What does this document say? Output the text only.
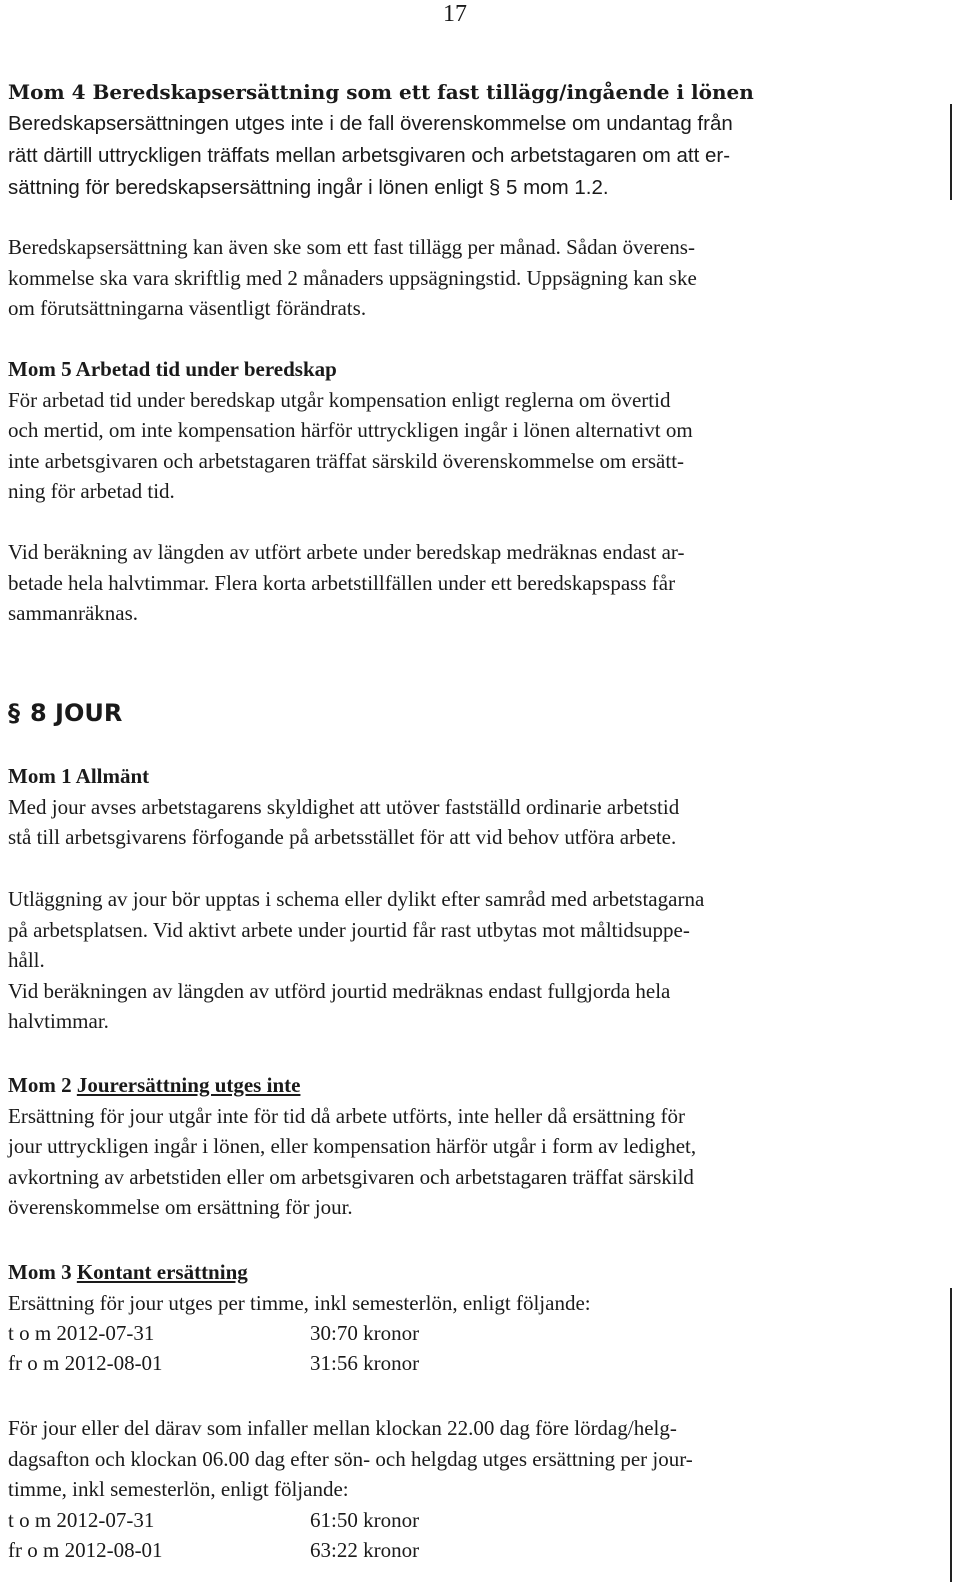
17
Mom 4 Beredskapsersättning som ett fast tillägg/ingående i lönen
Beredskapsersättningen utges inte i de fall överenskommelse om undantag från
rätt därtill uttryckligen träffats mellan arbetsgivaren och arbetstagaren om att er-
sättning för beredskapsersättning ingår i lönen enligt § 5 mom 1.2.
Beredskapsersättning kan även ske som ett fast tillägg per månad. Sådan överens-
kommelse ska vara skriftlig med 2 månaders uppsägningstid. Uppsägning kan ske
om förutsättningarna väsentligt förändrats.
Mom 5 Arbetad tid under beredskap
För arbetad tid under beredskap utgår kompensation enligt reglerna om övertid
och mertid, om inte kompensation härför uttryckligen ingår i lönen alternativt om
inte arbetsgivaren och arbetstagaren träffat särskild överenskommelse om ersätt-
ning för arbetad tid.
Vid beräkning av längden av utfört arbete under beredskap medräknas endast ar-
betade hela halvtimmar. Flera korta arbetstillfällen under ett beredskapspass får
sammanräknas.
§ 8 JOUR
Mom 1 Allmänt
Med jour avses arbetstagarens skyldighet att utöver fastställd ordinarie arbetstid
stå till arbetsgivarens förfogande på arbetsstället för att vid behov utföra arbete.
Utläggning av jour bör upptas i schema eller dylikt efter samråd med arbetstagarna
på arbetsplatsen. Vid aktivt arbete under jourtid får rast utbytas mot måltidsuppe-
håll.
Vid beräkningen av längden av utförd jourtid medräknas endast fullgjorda hela
halvtimmar.
Mom 2 Jourersättning utges inte
Ersättning för jour utgår inte för tid då arbete utförts, inte heller då ersättning för
jour uttryckligen ingår i lönen, eller kompensation härför utgår i form av ledighet,
avkortning av arbetstiden eller om arbetsgivaren och arbetstagaren träffat särskild
överenskommelse om ersättning för jour.
Mom 3 Kontant ersättning
Ersättning för jour utges per timme, inkl semesterlön, enligt följande:
t o m 2012-07-31	30:70 kronor
fr o m 2012-08-01	31:56 kronor
För jour eller del därav som infaller mellan klockan 22.00 dag före lördag/helg-
dagsafton och klockan 06.00 dag efter sön- och helgdag utges ersättning per jour-
timme, inkl semesterlön, enligt följande:
t o m 2012-07-31	61:50 kronor
fr o m 2012-08-01	63:22 kronor
